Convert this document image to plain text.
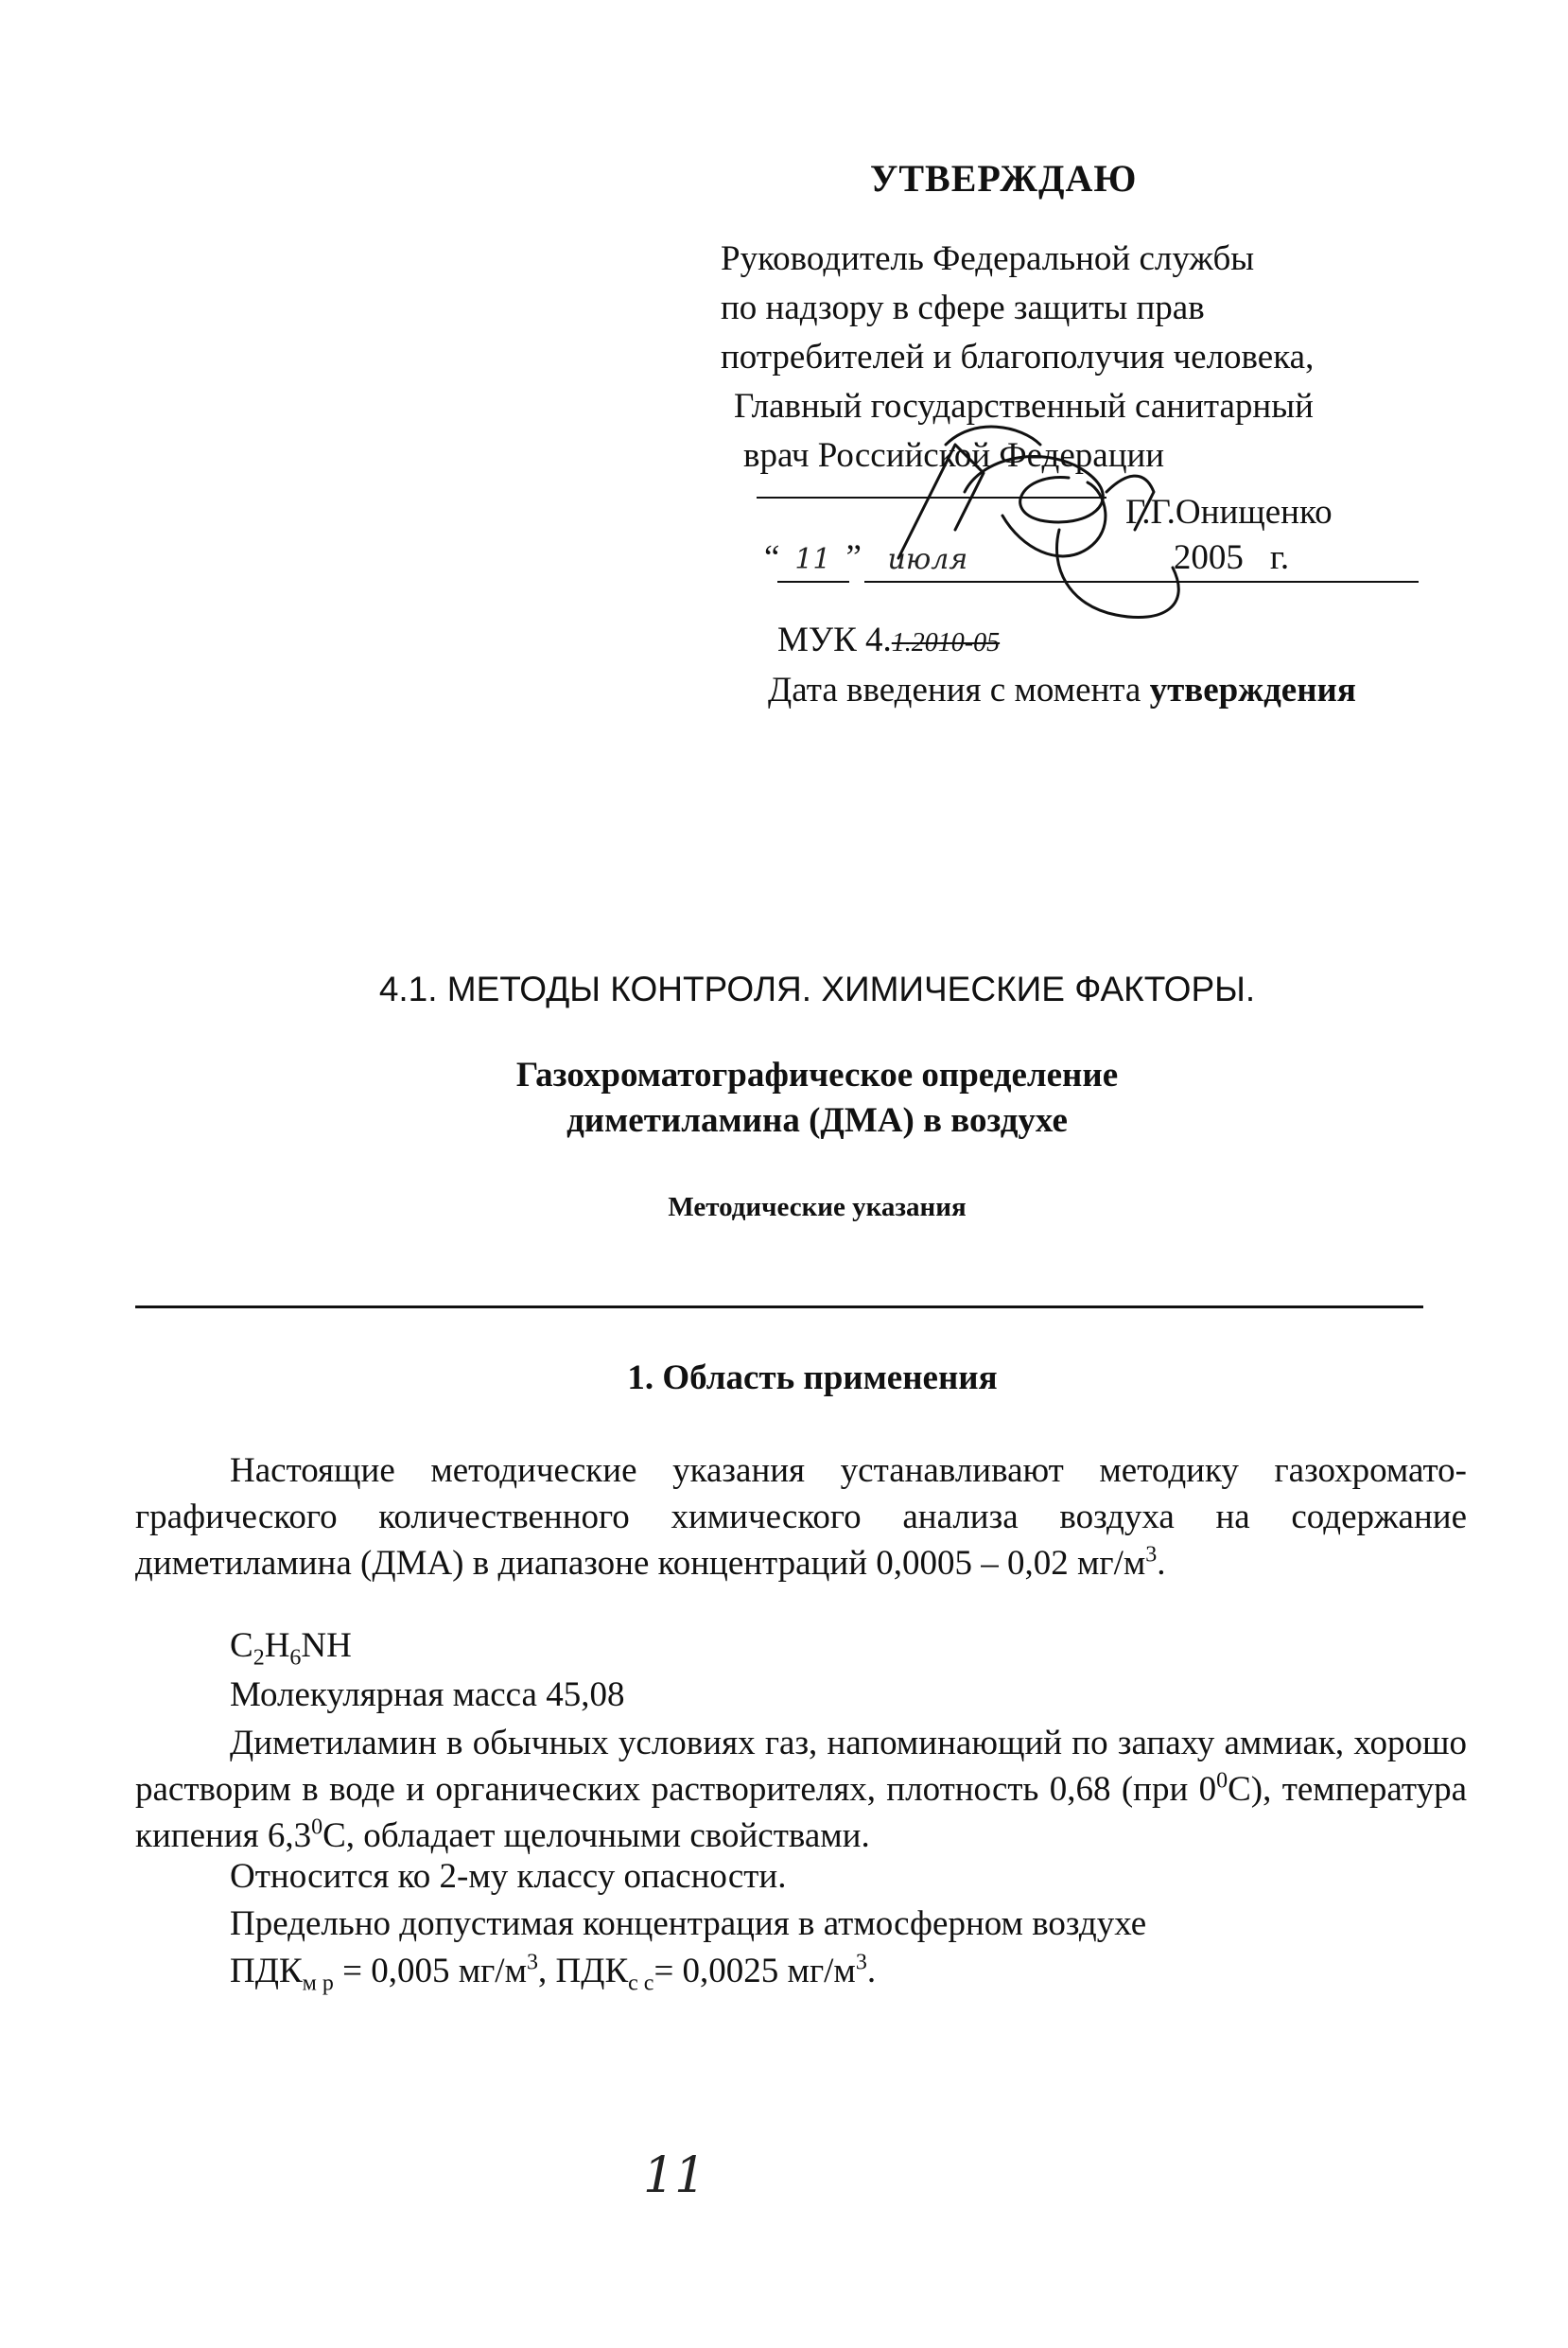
УТВЕРЖДАЮ
Руководитель Федеральной службы
по надзору в сфере защиты прав
потребителей и благополучия человека,
Главный государственный санитарный
врач Российской Федерации
Г.Г.Онищенко
“ 11 ” июля	2005 г.
МУК 4.1.2010-05
Дата введения с момента утверждения
4.1. МЕТОДЫ КОНТРОЛЯ. ХИМИЧЕСКИЕ ФАКТОРЫ.
Газохроматографическое определение
диметиламина (ДМА) в воздухе
Методические указания
1. Область применения
Настоящие методические указания устанавливают методику газохромато-графического количественного химического анализа воздуха на содержание диметиламина (ДМА) в диапазоне концентраций 0,0005 – 0,02 $мг/м^3$.
$C_2H_6NH$
Молекулярная масса 45,08
Диметиламин в обычных условиях газ, напоминающий по запаху аммиак, хорошо растворим в воде и органических растворителях, плотность 0,68 (при $0^0С$), температура кипения $6,3^0С$, обладает щелочными свойствами.
Относится ко 2-му классу опасности.
Предельно допустимая концентрация в атмосферном воздухе
$ПДК_{м р} = 0,005$ $мг/м^3$, $ПДК_{с с}= 0,0025$ $мг/м^3$.
11
